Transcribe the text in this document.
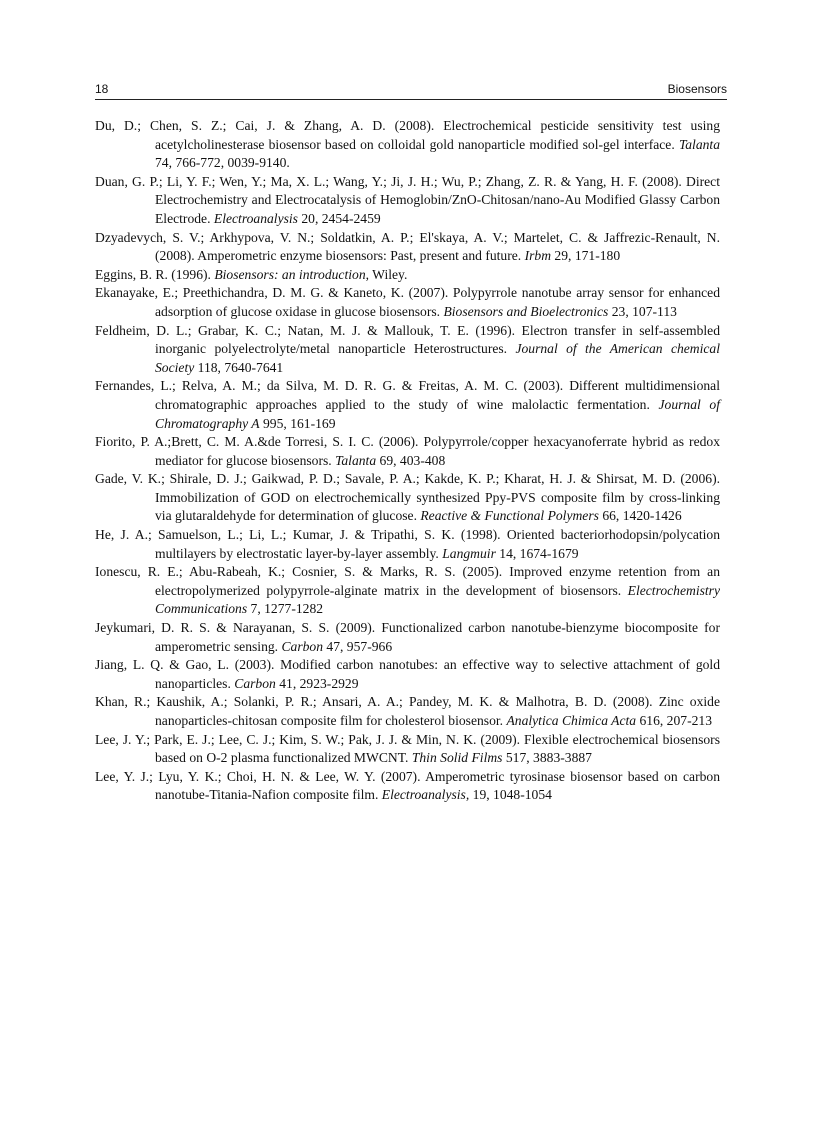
18	Biosensors

Du, D.; Chen, S. Z.; Cai, J. & Zhang, A. D. (2008). Electrochemical pesticide sensitivity test using acetylcholinesterase biosensor based on colloidal gold nanoparticle modified sol-gel interface. Talanta 74, 766-772, 0039-9140.

Duan, G. P.; Li, Y. F.; Wen, Y.; Ma, X. L.; Wang, Y.; Ji, J. H.; Wu, P.; Zhang, Z. R. & Yang, H. F. (2008). Direct Electrochemistry and Electrocatalysis of Hemoglobin/ZnO-Chitosan/nano-Au Modified Glassy Carbon Electrode. Electroanalysis 20, 2454-2459

Dzyadevych, S. V.; Arkhypova, V. N.; Soldatkin, A. P.; El'skaya, A. V.; Martelet, C. & Jaffrezic-Renault, N. (2008). Amperometric enzyme biosensors: Past, present and future. Irbm 29, 171-180

Eggins, B. R. (1996). Biosensors: an introduction, Wiley.

Ekanayake, E.; Preethichandra, D. M. G. & Kaneto, K. (2007). Polypyrrole nanotube array sensor for enhanced adsorption of glucose oxidase in glucose biosensors. Biosensors and Bioelectronics 23, 107-113

Feldheim, D. L.; Grabar, K. C.; Natan, M. J. & Mallouk, T. E. (1996). Electron transfer in self-assembled inorganic polyelectrolyte/metal nanoparticle Heterostructures. Journal of the American chemical Society 118, 7640-7641

Fernandes, L.; Relva, A. M.; da Silva, M. D. R. G. & Freitas, A. M. C. (2003). Different multidimensional chromatographic approaches applied to the study of wine malolactic fermentation. Journal of Chromatography A 995, 161-169

Fiorito, P. A.;Brett, C. M. A.&de Torresi, S. I. C. (2006). Polypyrrole/copper hexacyanoferrate hybrid as redox mediator for glucose biosensors. Talanta 69, 403-408

Gade, V. K.; Shirale, D. J.; Gaikwad, P. D.; Savale, P. A.; Kakde, K. P.; Kharat, H. J. & Shirsat, M. D. (2006). Immobilization of GOD on electrochemically synthesized Ppy-PVS composite film by cross-linking via glutaraldehyde for determination of glucose. Reactive & Functional Polymers 66, 1420-1426

He, J. A.; Samuelson, L.; Li, L.; Kumar, J. & Tripathi, S. K. (1998). Oriented bacteriorhodopsin/polycation multilayers by electrostatic layer-by-layer assembly. Langmuir 14, 1674-1679

Ionescu, R. E.; Abu-Rabeah, K.; Cosnier, S. & Marks, R. S. (2005). Improved enzyme retention from an electropolymerized polypyrrole-alginate matrix in the development of biosensors. Electrochemistry Communications 7, 1277-1282

Jeykumari, D. R. S. & Narayanan, S. S. (2009). Functionalized carbon nanotube-bienzyme biocomposite for amperometric sensing. Carbon 47, 957-966

Jiang, L. Q. & Gao, L. (2003). Modified carbon nanotubes: an effective way to selective attachment of gold nanoparticles. Carbon 41, 2923-2929

Khan, R.; Kaushik, A.; Solanki, P. R.; Ansari, A. A.; Pandey, M. K. & Malhotra, B. D. (2008). Zinc oxide nanoparticles-chitosan composite film for cholesterol biosensor. Analytica Chimica Acta 616, 207-213

Lee, J. Y.; Park, E. J.; Lee, C. J.; Kim, S. W.; Pak, J. J. & Min, N. K. (2009). Flexible electrochemical biosensors based on O-2 plasma functionalized MWCNT. Thin Solid Films 517, 3883-3887

Lee, Y. J.; Lyu, Y. K.; Choi, H. N. & Lee, W. Y. (2007). Amperometric tyrosinase biosensor based on carbon nanotube-Titania-Nafion composite film. Electroanalysis, 19, 1048-1054
